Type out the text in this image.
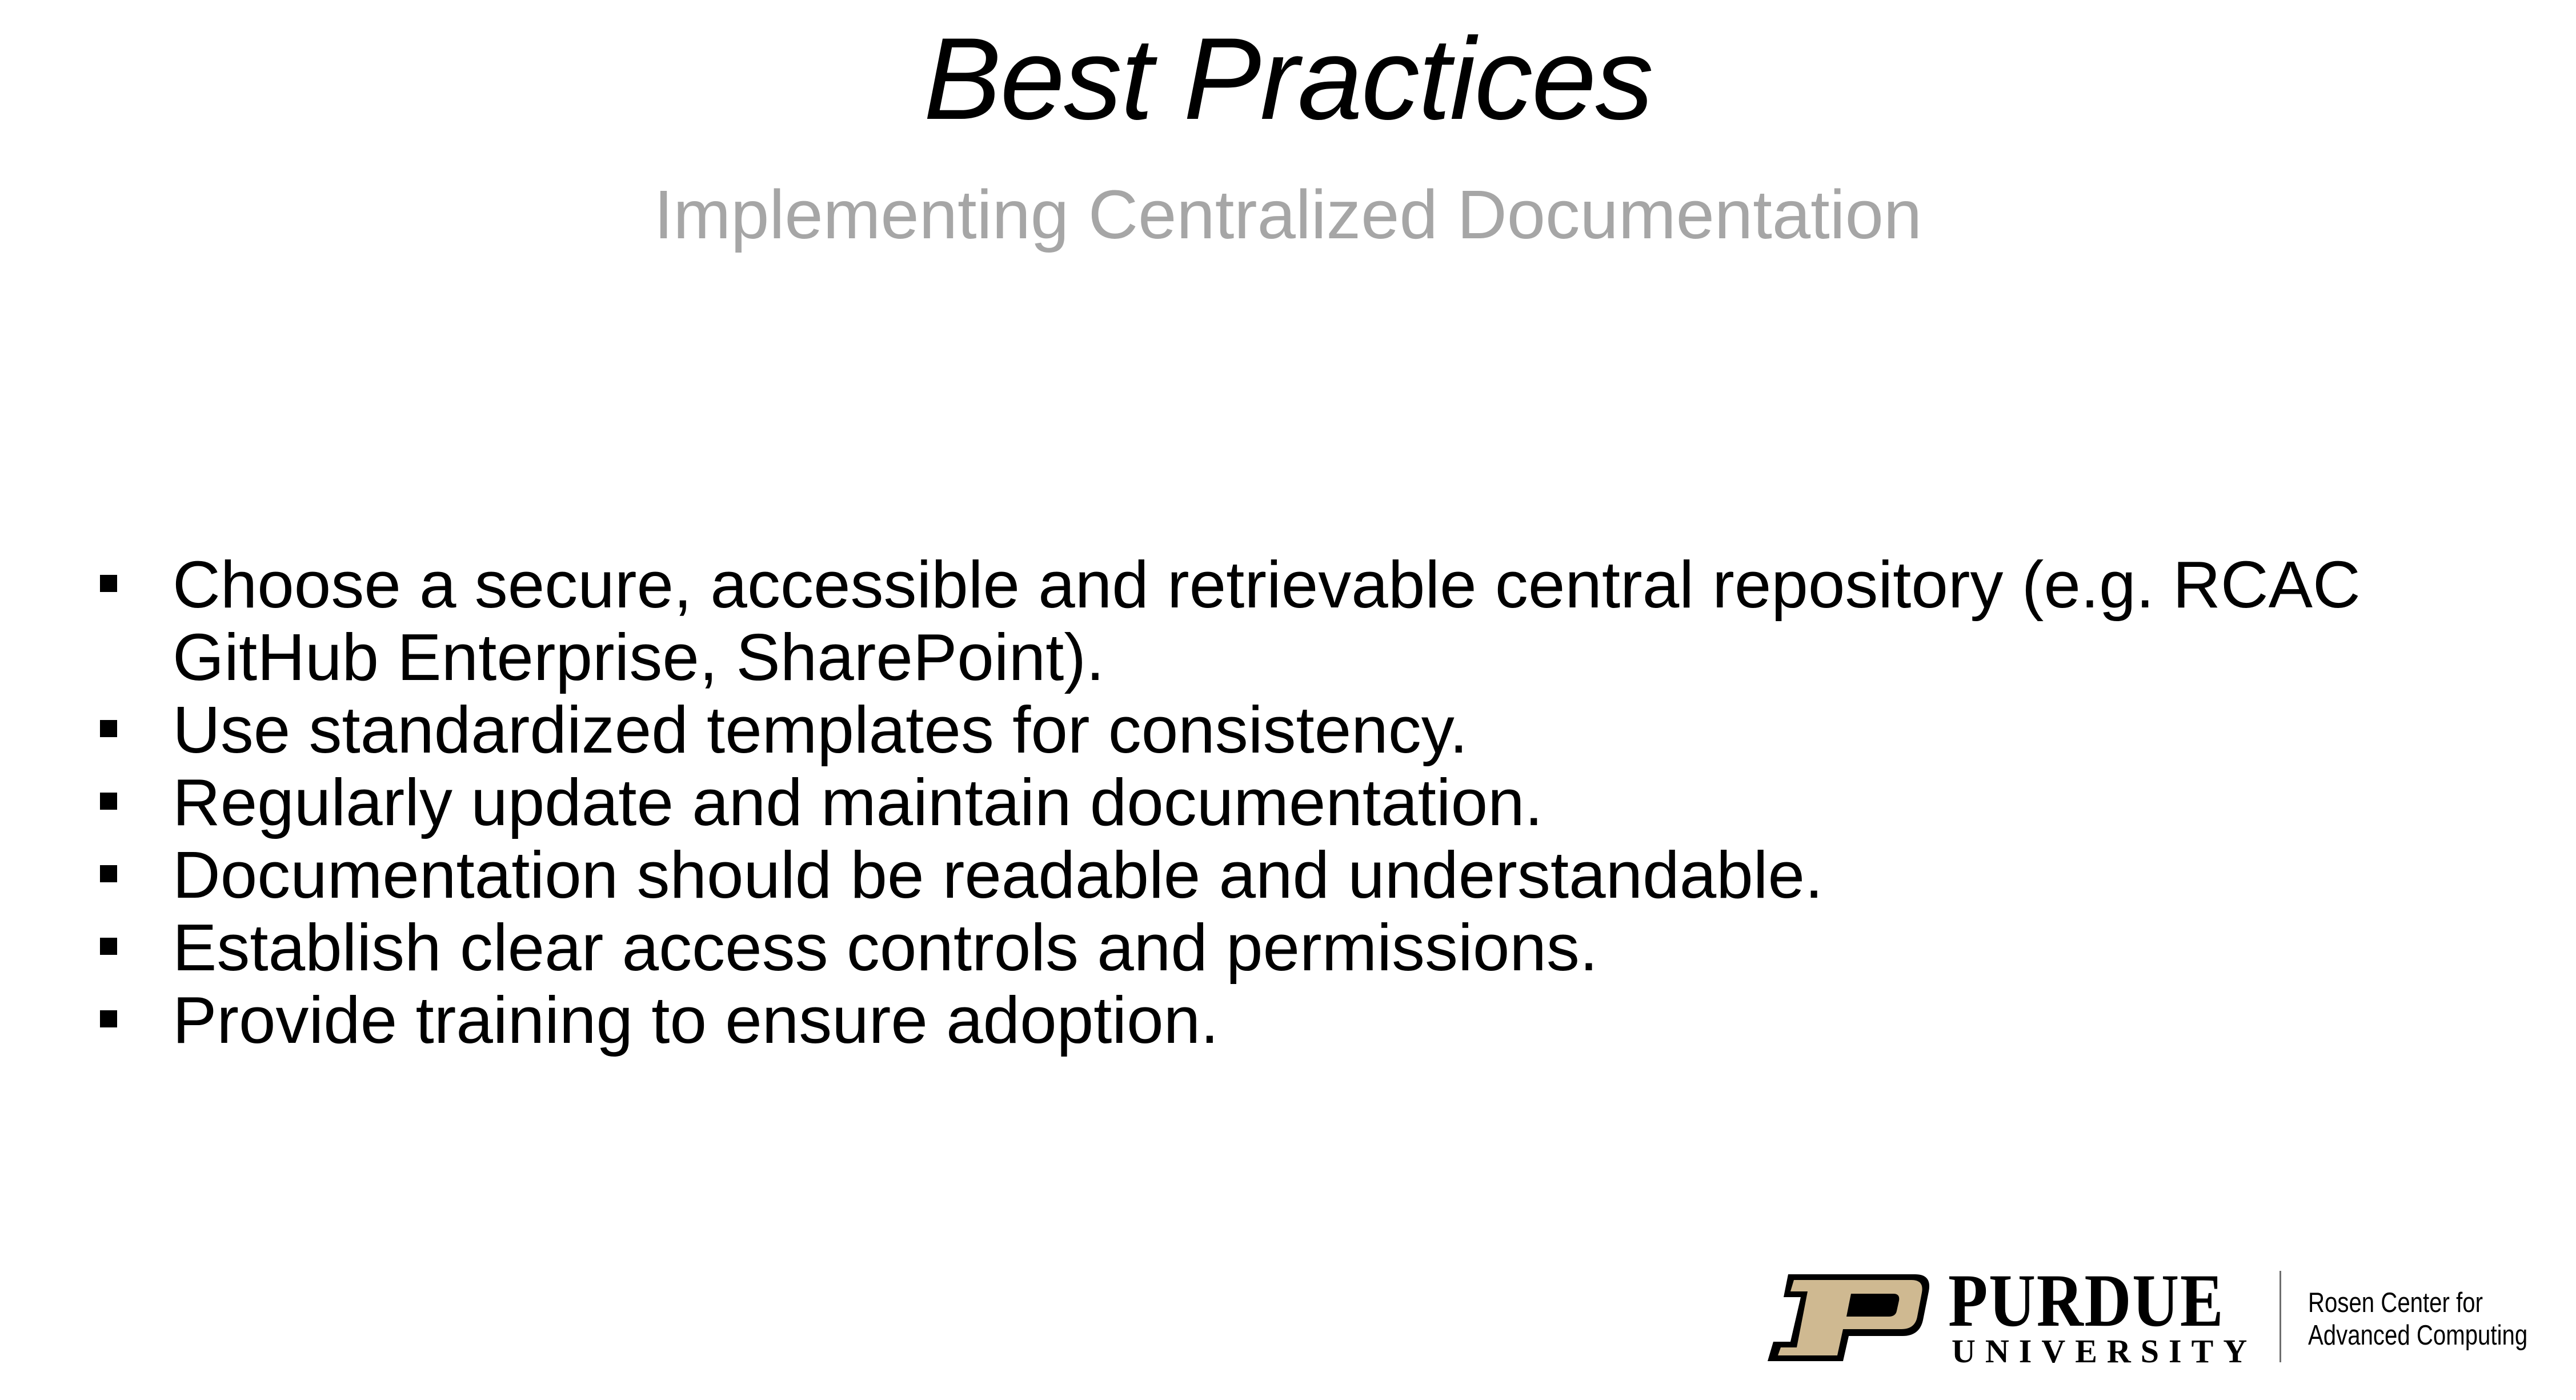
Best Practices
Implementing Centralized Documentation
Choose a secure, accessible and retrievable central repository (e.g. RCAC GitHub Enterprise, SharePoint).
Use standardized templates for consistency.
Regularly update and maintain documentation.
Documentation should be readable and understandable.
Establish clear access controls and permissions.
Provide training to ensure adoption.
PURDUE
UNIVERSITY
Rosen Center for
Advanced Computing
